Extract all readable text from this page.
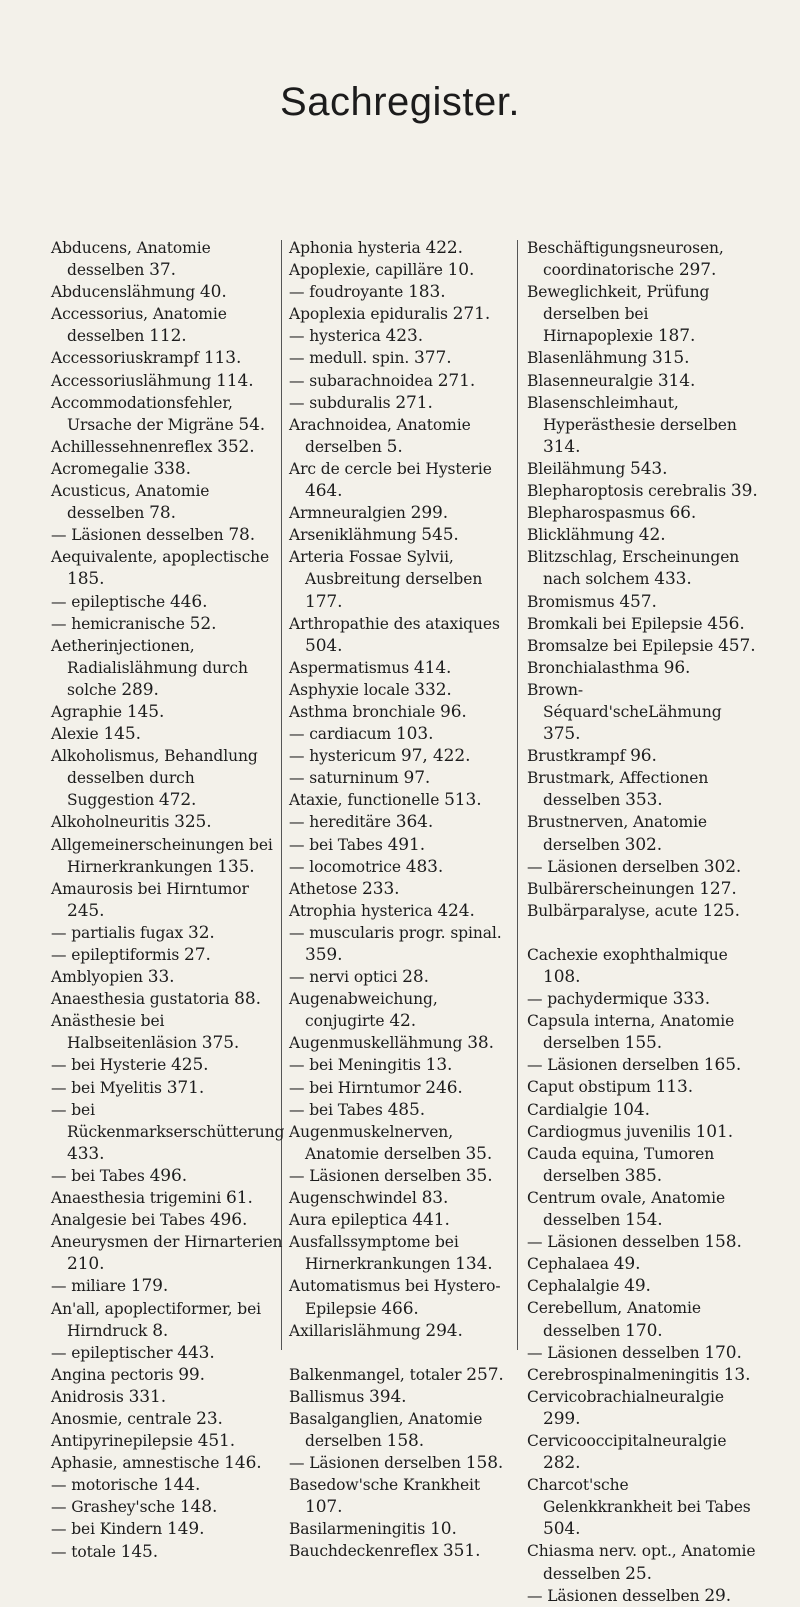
Sachregister.
Abducens, Anatomie desselben 37.
Abducenslähmung 40.
Accessorius, Anatomie desselben 112.
Accessoriuskrampf 113.
Accessoriuslähmung 114.
Accommodationsfehler, Ursache der Migräne 54.
Achillessehnenreflex 352.
Acromegalie 338.
Acusticus, Anatomie desselben 78.
— Läsionen desselben 78.
Aequivalente, apoplectische 185.
— epileptische 446.
— hemicranische 52.
Aetherinjectionen, Radialislähmung durch solche 289.
Agraphie 145.
Alexie 145.
Alkoholismus, Behandlung desselben durch Suggestion 472.
Alkoholneuritis 325.
Allgemeinerscheinungen bei Hirnerkrankungen 135.
Amaurosis bei Hirntumor 245.
— partialis fugax 32.
— epileptiformis 27.
Amblyopien 33.
Anaesthesia gustatoria 88.
Anästhesie bei Halbseitenläsion 375.
— bei Hysterie 425.
— bei Myelitis 371.
— bei Rückenmarkserschütterung 433.
— bei Tabes 496.
Anaesthesia trigemini 61.
Analgesie bei Tabes 496.
Aneurysmen der Hirnarterien 210.
— miliare 179.
An'all, apoplectiformer, bei Hirndruck 8.
— epileptischer 443.
Angina pectoris 99.
Anidrosis 331.
Anosmie, centrale 23.
Antipyrinepilepsie 451.
Aphasie, amnestische 146.
— motorische 144.
— Grashey'sche 148.
— bei Kindern 149.
— totale 145.
Aphonia hysteria 422.
Apoplexie, capilläre 10.
— foudroyante 183.
Apoplexia epiduralis 271.
— hysterica 423.
— medull. spin. 377.
— subarachnoidea 271.
— subduralis 271.
Arachnoidea, Anatomie derselben 5.
Arc de cercle bei Hysterie 464.
Armneuralgien 299.
Arseniklähmung 545.
Arteria Fossae Sylvii, Ausbreitung derselben 177.
Arthropathie des ataxiques 504.
Aspermatismus 414.
Asphyxie locale 332.
Asthma bronchiale 96.
— cardiacum 103.
— hystericum 97, 422.
— saturninum 97.
Ataxie, functionelle 513.
— hereditäre 364.
— bei Tabes 491.
— locomotrice 483.
Athetose 233.
Atrophia hysterica 424.
— muscularis progr. spinal. 359.
— nervi optici 28.
Augenabweichung, conjugirte 42.
Augenmuskellähmung 38.
— bei Meningitis 13.
— bei Hirntumor 246.
— bei Tabes 485.
Augenmuskelnerven, Anatomie derselben 35.
— Läsionen derselben 35.
Augenschwindel 83.
Aura epileptica 441.
Ausfallssymptome bei Hirnerkrankungen 134.
Automatismus bei Hystero-Epilepsie 466.
Axillarislähmung 294.
Balkenmangel, totaler 257.
Ballismus 394.
Basalganglien, Anatomie derselben 158.
— Läsionen derselben 158.
Basedow'sche Krankheit 107.
Basilarmeningitis 10.
Bauchdeckenreflex 351.
Beschäftigungsneurosen, coordinatorische 297.
Beweglichkeit, Prüfung derselben bei Hirnapoplexie 187.
Blasenlähmung 315.
Blasenneuralgie 314.
Blasenschleimhaut, Hyperästhesie derselben 314.
Bleilähmung 543.
Blepharoptosis cerebralis 39.
Blepharospasmus 66.
Blicklähmung 42.
Blitzschlag, Erscheinungen nach solchem 433.
Bromismus 457.
Bromkali bei Epilepsie 456.
Bromsalze bei Epilepsie 457.
Bronchialasthma 96.
Brown-Séquard'scheLähmung 375.
Brustkrampf 96.
Brustmark, Affectionen desselben 353.
Brustnerven, Anatomie derselben 302.
— Läsionen derselben 302.
Bulbärerscheinungen 127.
Bulbärparalyse, acute 125.
Cachexie exophthalmique 108.
— pachydermique 333.
Capsula interna, Anatomie derselben 155.
— Läsionen derselben 165.
Caput obstipum 113.
Cardialgie 104.
Cardiogmus juvenilis 101.
Cauda equina, Tumoren derselben 385.
Centrum ovale, Anatomie desselben 154.
— Läsionen desselben 158.
Cephalaea 49.
Cephalalgie 49.
Cerebellum, Anatomie desselben 170.
— Läsionen desselben 170.
Cerebrospinalmeningitis 13.
Cervicobrachialneuralgie 299.
Cervicooccipitalneuralgie 282.
Charcot'sche Gelenkkrankheit bei Tabes 504.
Chiasma nerv. opt., Anatomie desselben 25.
— Läsionen desselben 29.
